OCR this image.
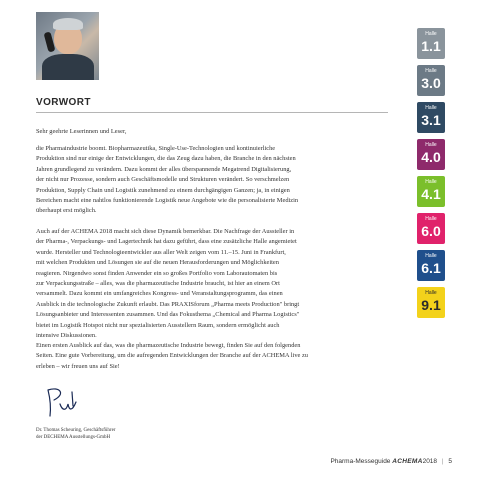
VORWORT
Sehr geehrte Leserinnen und Leser,
die Pharmaindustrie boomt. Biopharmazeutika, Single-Use-Technologien und kontinuierliche
Produktion sind nur einige der Entwicklungen, die das Zeug dazu haben, die Branche in den nächsten
Jahren grundlegend zu verändern. Dazu kommt der alles überspannende Megatrend Digitalisierung,
der nicht nur Prozesse, sondern auch Geschäftsmodelle und Strukturen verändert. So verschmelzen
Produktion, Supply Chain und Logistik zunehmend zu einem durchgängigen Ganzen; ja, in einigen
Bereichen macht eine nahtlos funktionierende Logistik neue Angebote wie die personalisierte Medizin
überhaupt erst möglich.
Auch auf der ACHEMA 2018 macht sich diese Dynamik bemerkbar. Die Nachfrage der Aussteller in
der Pharma-, Verpackungs- und Lagertechnik hat dazu geführt, dass eine zusätzliche Halle angemietet
wurde. Hersteller und Technologieentwickler aus aller Welt zeigen vom 11.–15. Juni in Frankfurt,
mit welchen Produkten und Lösungen sie auf die neuen Herausforderungen und Möglichkeiten
reagieren. Nirgendwo sonst finden Anwender ein so großes Portfolio vom Laborautomaten bis
zur Verpackungsstraße – alles, was die pharmazeutische Industrie braucht, ist hier an einem Ort
versammelt. Dazu kommt ein umfangreiches Kongress- und Veranstaltungsprogramm, das einen
Ausblick in die technologische Zukunft erlaubt. Das PRAXISforum „Pharma meets Production" bringt
Lösungsanbieter und Interessenten zusammen. Und das Fokusthema „Chemical and Pharma Logistics"
bietet im Logistik Hotspot nicht nur spezialisierten Ausstellern Raum, sondern ermöglicht auch
intensive Diskussionen.
Einen ersten Ausblick auf das, was die pharmazeutische Industrie bewegt, finden Sie auf den folgenden
Seiten. Eine gute Vorbereitung, um die aufregenden Entwicklungen der Branche auf der ACHEMA live zu
erleben – wir freuen uns auf Sie!
Dr. Thomas Scheuring, Geschäftsführer
der DECHEMA Ausstellungs-GmbH
Pharma-Messeguide ACHEMA2018 | 5
Halle
1.1
Halle
3.0
Halle
3.1
Halle
4.0
Halle
4.1
Halle
6.0
Halle
6.1
Halle
9.1
